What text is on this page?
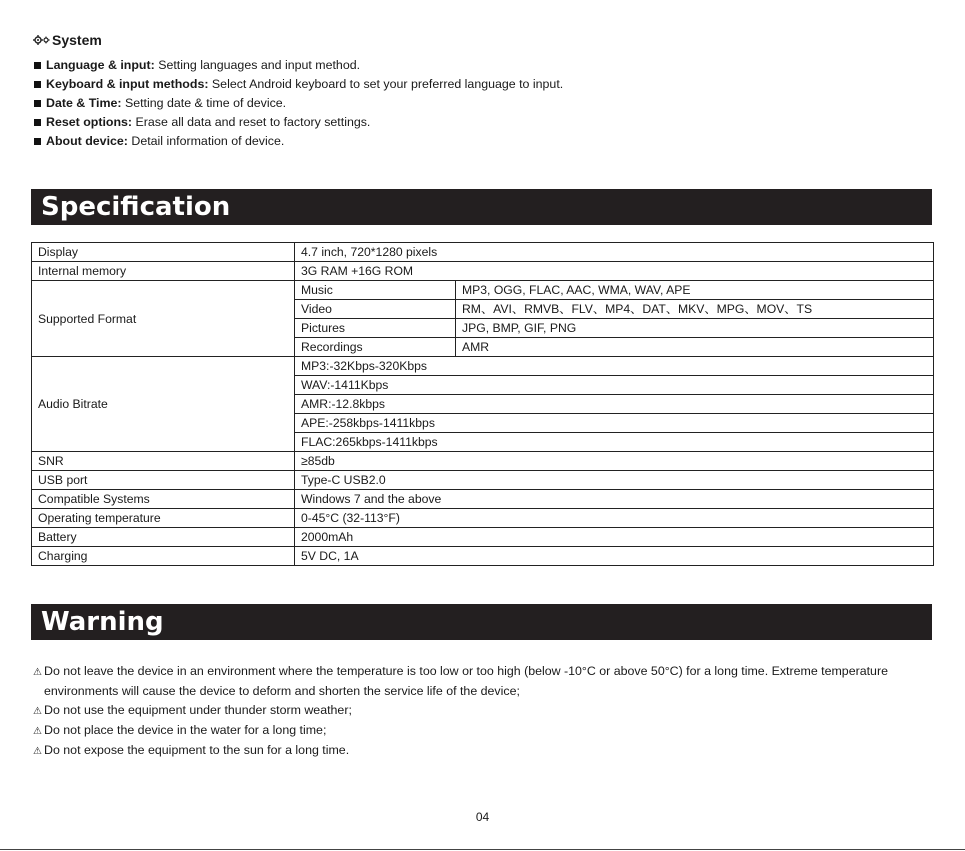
System
Language & input: Setting languages and input method.
Keyboard & input methods: Select Android keyboard to set your preferred language to input.
Date & Time: Setting date & time of device.
Reset options: Erase all data and reset to factory settings.
About device: Detail information of device.
Specification
Display	4.7 inch, 720*1280 pixels	
Internal memory	3G RAM +16G ROM	
Supported Format	Music	MP3, OGG, FLAC, AAC, WMA, WAV, APE
	Video	RM、AVI、RMVB、FLV、MP4、DAT、MKV、MPG、MOV、TS
	Pictures	JPG, BMP, GIF, PNG
	Recordings	AMR
Audio Bitrate	MP3:-32Kbps-320Kbps	
	WAV:-1411Kbps	
	AMR:-12.8kbps	
	APE:-258kbps-1411kbps	
	FLAC:265kbps-1411kbps	
SNR	≥85db	
USB port	Type-C USB2.0	
Compatible Systems	Windows 7 and the above	
Operating temperature	0-45°C (32-113°F)	
Battery	2000mAh	
Charging	5V DC, 1A	
Warning
⚠ Do not leave the device in an environment where the temperature is too low or too high (below -10°C or above 50°C) for a long time. Extreme temperature environments will cause the device to deform and shorten the service life of the device;
⚠ Do not use the equipment under thunder storm weather;
⚠ Do not place the device in the water for a long time;
⚠ Do not expose the equipment to the sun for a long time.
04
